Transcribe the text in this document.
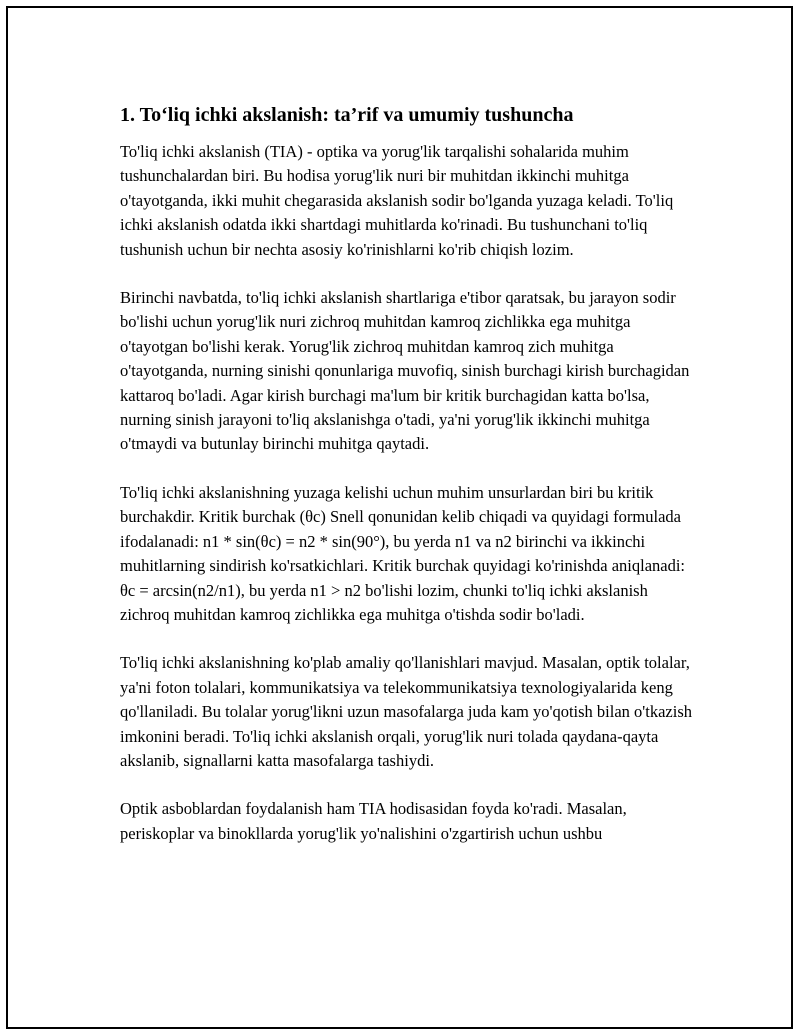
1. To‘liq ichki akslanish: ta’rif va umumiy tushuncha

To'liq ichki akslanish (TIA) - optika va yorug'lik tarqalishi sohalarida muhim tushunchalardan biri. Bu hodisa yorug'lik nuri bir muhitdan ikkinchi muhitga o'tayotganda, ikki muhit chegarasida akslanish sodir bo'lganda yuzaga keladi. To'liq ichki akslanish odatda ikki shartdagi muhitlarda ko'rinadi. Bu tushunchani to'liq tushunish uchun bir nechta asosiy ko'rinishlarni ko'rib chiqish lozim.

Birinchi navbatda, to'liq ichki akslanish shartlariga e'tibor qaratsak, bu jarayon sodir bo'lishi uchun yorug'lik nuri zichroq muhitdan kamroq zichlikka ega muhitga o'tayotgan bo'lishi kerak. Yorug'lik zichroq muhitdan kamroq zich muhitga o'tayotganda, nurning sinishi qonunlariga muvofiq, sinish burchagi kirish burchagidan kattaroq bo'ladi. Agar kirish burchagi ma'lum bir kritik burchagidan katta bo'lsa, nurning sinish jarayoni to'liq akslanishga o'tadi, ya'ni yorug'lik ikkinchi muhitga o'tmaydi va butunlay birinchi muhitga qaytadi.

To'liq ichki akslanishning yuzaga kelishi uchun muhim unsurlardan biri bu kritik burchakdir. Kritik burchak (θc) Snell qonunidan kelib chiqadi va quyidagi formulada ifodalanadi: n1 * sin(θc) = n2 * sin(90°), bu yerda n1 va n2 birinchi va ikkinchi muhitlarning sindirish ko'rsatkichlari. Kritik burchak quyidagi ko'rinishda aniqlanadi: θc = arcsin(n2/n1), bu yerda n1 > n2 bo'lishi lozim, chunki to'liq ichki akslanish zichroq muhitdan kamroq zichlikka ega muhitga o'tishda sodir bo'ladi.

To'liq ichki akslanishning ko'plab amaliy qo'llanishlari mavjud. Masalan, optik tolalar, ya'ni foton tolalari, kommunikatsiya va telekommunikatsiya texnologiyalarida keng qo'llaniladi. Bu tolalar yorug'likni uzun masofalarga juda kam yo'qotish bilan o'tkazish imkonini beradi. To'liq ichki akslanish orqali, yorug'lik nuri tolada qaydana-qayta akslanib, signallarni katta masofalarga tashiydi.

Optik asboblardan foydalanish ham TIA hodisasidan foyda ko'radi. Masalan, periskoplar va binokllarda yorug'lik yo'nalishini o'zgartirish uchun ushbu
